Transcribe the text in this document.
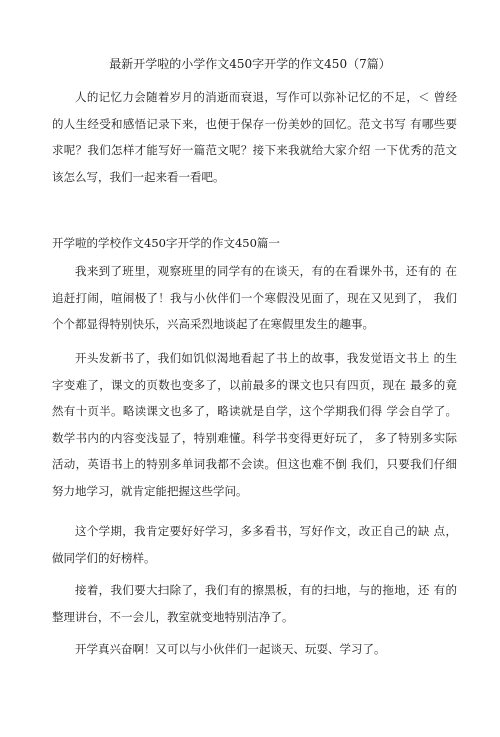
最新开学啦的小学作文450字开学的作文450（7篇）

人的记忆力会随着岁月的消逝而衰退，写作可以弥补记忆的不足，＜ 曾经的人生经受和感悟记录下来，也便于保存一份美妙的回忆。范文书写 有哪些要求呢？我们怎样才能写好一篇范文呢？接下来我就给大家介绍 一下优秀的范文该怎么写，我们一起来看一看吧。

开学啦的学校作文450字开学的作文450篇一

我来到了班里，观察班里的同学有的在谈天，有的在看课外书，还有的 在追赶打闹，喧闹极了！我与小伙伴们一个寒假没见面了，现在又见到了， 我们个个都显得特别快乐，兴高采烈地谈起了在寒假里发生的趣事。

开头发新书了，我们如饥似渴地看起了书上的故事，我发觉语文书上 的生字变难了，课文的页数也变多了，以前最多的课文也只有四页，现在 最多的竟然有十页半。略读课文也多了，略读就是自学，这个学期我们得 学会自学了。数学书内的内容变浅显了，特别难懂。科学书变得更好玩了， 多了特别多实际活动，英语书上的特别多单词我都不会读。但这也难不倒 我们，只要我们仔细努力地学习，就肯定能把握这些学问。

这个学期，我肯定要好好学习，多多看书，写好作文，改正自己的缺 点，做同学们的好榜样。

接着，我们要大扫除了，我们有的擦黑板，有的扫地，与的拖地，还 有的整理讲台，不一会儿，教室就变地特别洁净了。

开学真兴奋啊！又可以与小伙伴们一起谈天、玩耍、学习了。
